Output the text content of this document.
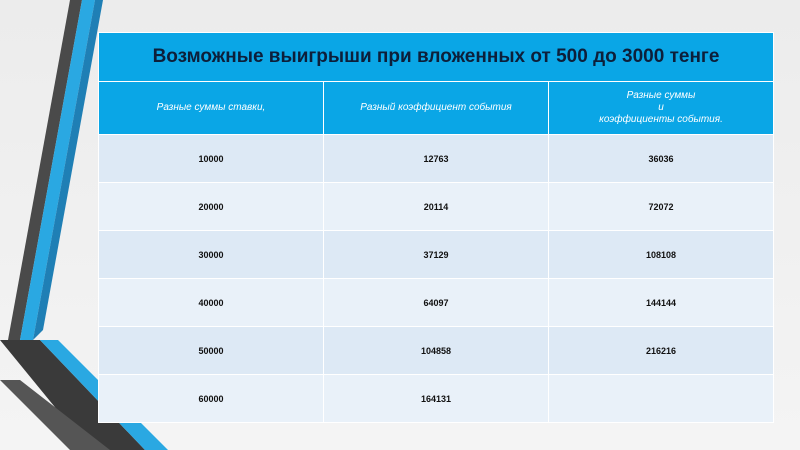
Возможные выигрыши при вложенных от 500 до 3000 тенге		
Разные суммы ставки,	Разный коэффициент события	Разные суммы
и
коэффициенты события.

10000	12763	36036
20000	20114	72072
30000	37129	108108
40000	64097	144144
50000	104858	216216
60000	164131	
